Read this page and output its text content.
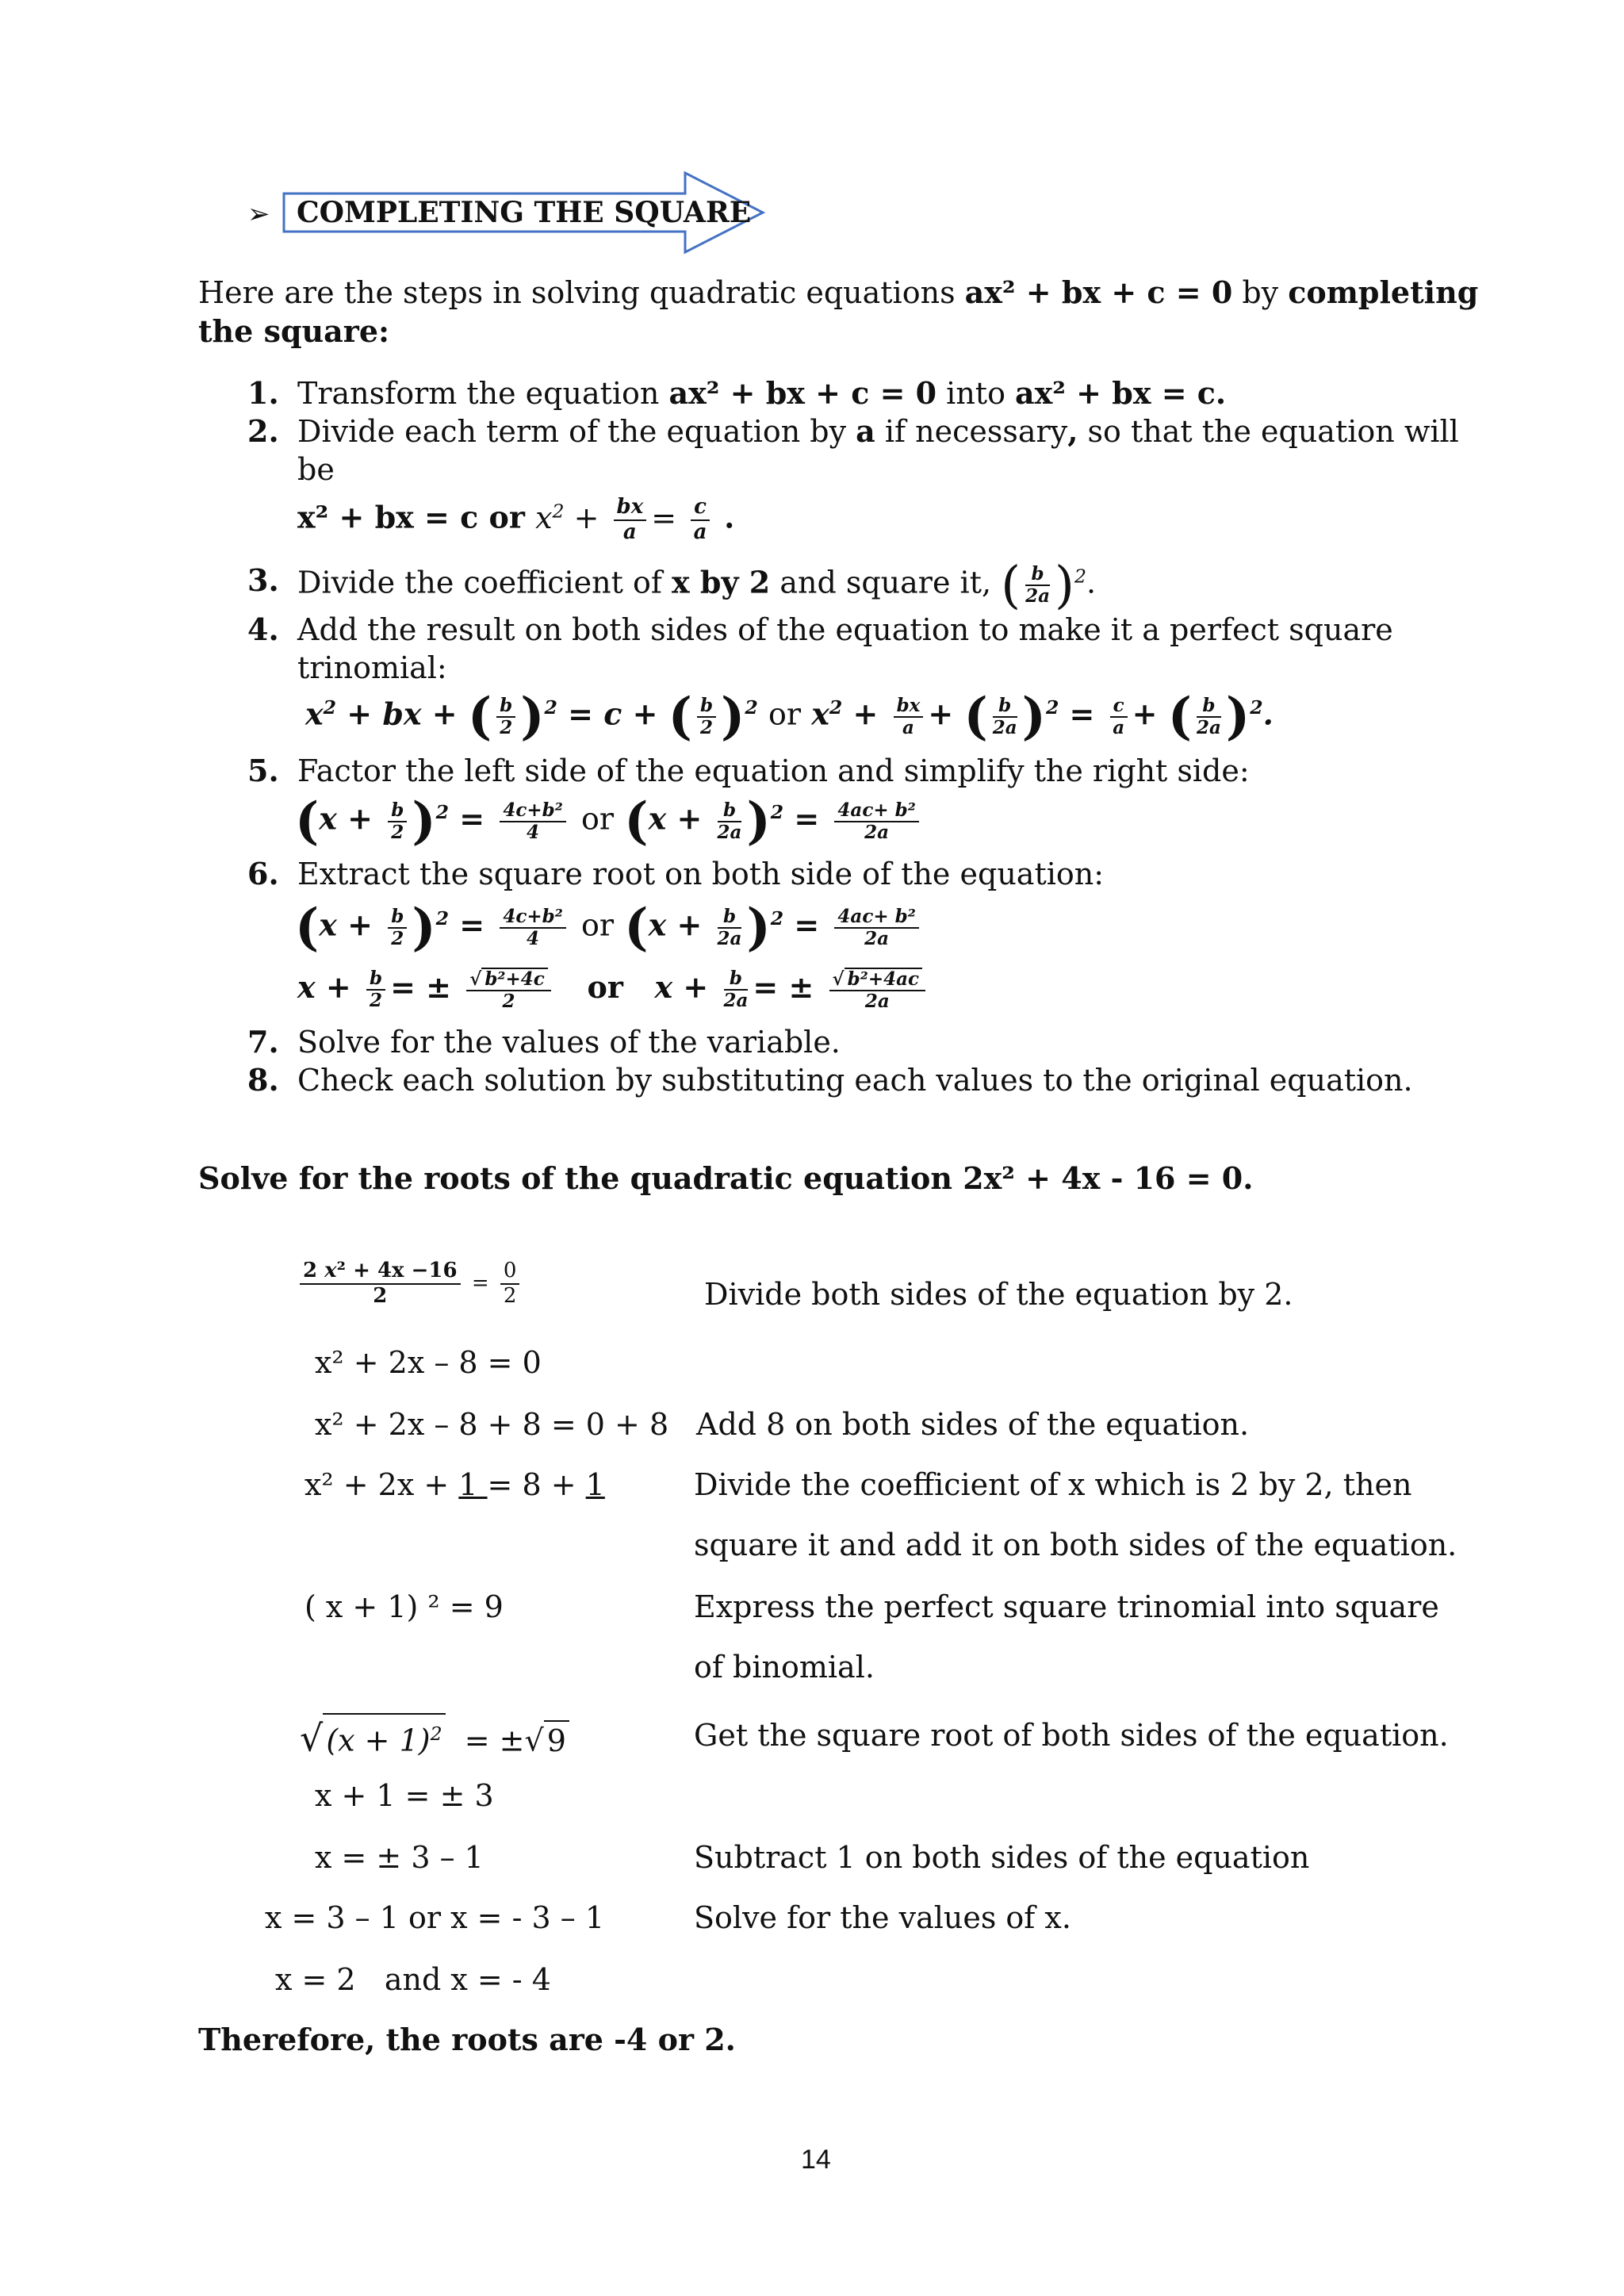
➢ COMPLETING THE SQUARE
Here are the steps in solving quadratic equations ax² + bx + c = 0 by completing
the square:
1. Transform the equation ax² + bx + c = 0 into ax² + bx = c.
2. Divide each term of the equation by a if necessary, so that the equation will
be
x² + bx = c or $x^2 + \frac{bx}{a} = \frac{c}{a}$ .
3. Divide the coefficient of x by 2 and square it, ( $\frac{b}{2a} )^2$.
4. Add the result on both sides of the equation to make it a perfect square
trinomial:
$x^2$ + bx + ( $\frac{b}{2} )^2 = c$ + ( $\frac{b}{2} )^2$ or $x^2 + \frac{bx}{a}$ + ( $\frac{b}{2a} )^2 = \frac{c}{a}$ + ( $\frac{b}{2a} )^2$.
5. Factor the left side of the equation and simplify the right side:
$(x + \frac{b}{2} )^2 = \frac{\text{4c+b²}}{4}$ or $(x + \frac{b}{2a} )^2 = \frac{\text{4ac+ b²}}{2a}$
6. Extract the square root on both side of the equation:
$(x + \frac{b}{2} )^2 = \frac{\text{4c+b²}}{4}$ or $(x + \frac{b}{2a} )^2 = \frac{\text{4ac+ b²}}{2a}$
$x + \frac{b}{2}$ = ± $\frac{\text{√ b²+4c}}{2}$ or   $x + \frac{b}{2a}$ = ± $\frac{\text{√ b²+4ac}}{2a}$
7. Solve for the values of the variable.
8. Check each solution by substituting each values to the original equation.
Solve for the roots of the quadratic equation 2x² + 4x - 16 = 0.
$\frac{\text{2 x² + 4x −16}}{2} = \frac{0}{2}$	Divide both sides of the equation by 2.
x² + 2x – 8 = 0
x² + 2x – 8 + 8 = 0 + 8 Add 8 on both sides of the equation.
x² + 2x + 1 = 8 + 1	Divide the coefficient of x which is 2 by 2, then
square it and add it on both sides of the equation.
( x + 1) ² = 9	Express the perfect square trinomial into square
of binomial.
√ $(x + 1)^2$  = ±√ 9	Get the square root of both sides of the equation.
x + 1 = ± 3
x = ± 3 – 1	Subtract 1 on both sides of the equation
x = 3 – 1 or x = - 3 – 1	Solve for the values of x.
x = 2   and x = - 4
Therefore, the roots are -4 or 2.
14
